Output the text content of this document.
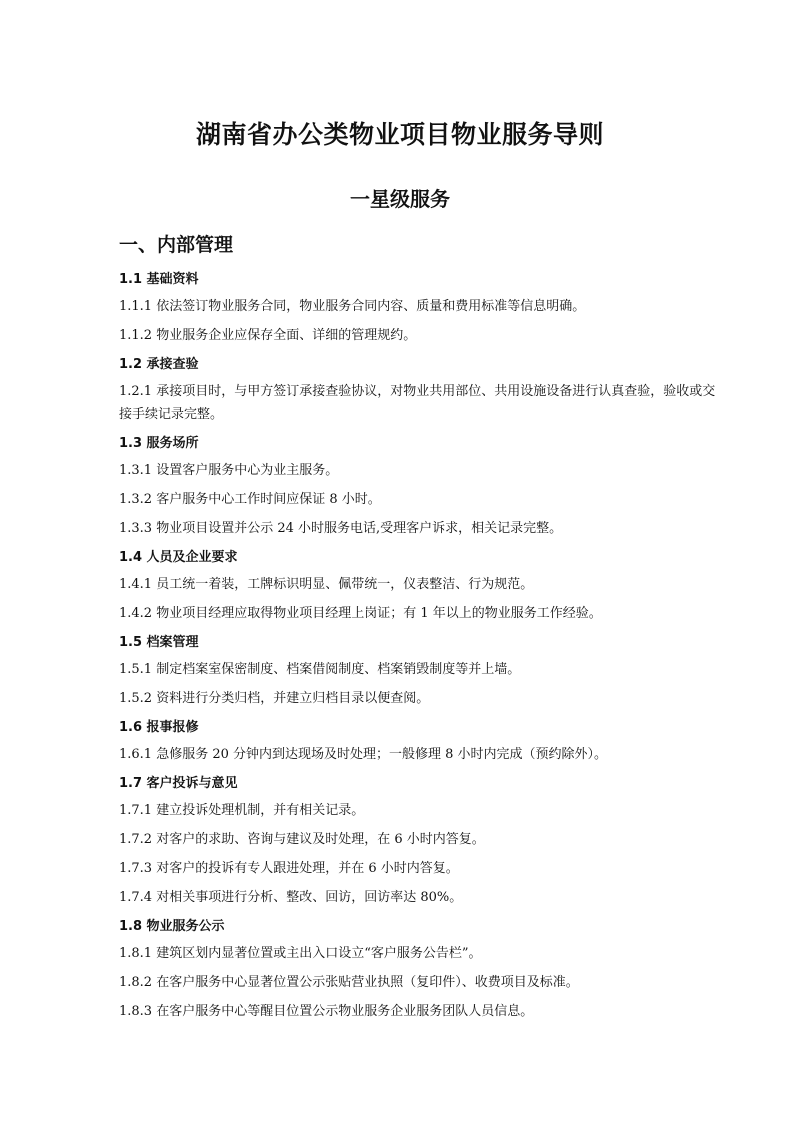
湖南省办公类物业项目物业服务导则
一星级服务
一、内部管理
1.1 基础资料

1.1.1 依法签订物业服务合同，物业服务合同内容、质量和费用标准等信息明确。

1.1.2 物业服务企业应保存全面、详细的管理规约。

1.2 承接查验

1.2.1 承接项目时，与甲方签订承接查验协议，对物业共用部位、共用设施设备进行认真查验，验收或交接手续记录完整。

1.3 服务场所

1.3.1 设置客户服务中心为业主服务。

1.3.2 客户服务中心工作时间应保证 8 小时。

1.3.3 物业项目设置并公示 24 小时服务电话,受理客户诉求，相关记录完整。

1.4 人员及企业要求

1.4.1 员工统一着装，工牌标识明显、佩带统一，仪表整洁、行为规范。

1.4.2 物业项目经理应取得物业项目经理上岗证；有 1 年以上的物业服务工作经验。

1.5 档案管理

1.5.1 制定档案室保密制度、档案借阅制度、档案销毁制度等并上墙。

1.5.2 资料进行分类归档，并建立归档目录以便查阅。

1.6 报事报修

1.6.1 急修服务 20 分钟内到达现场及时处理；一般修理 8 小时内完成（预约除外）。

1.7 客户投诉与意见

1.7.1 建立投诉处理机制，并有相关记录。

1.7.2 对客户的求助、咨询与建议及时处理，在 6 小时内答复。

1.7.3 对客户的投诉有专人跟进处理，并在 6 小时内答复。

1.7.4 对相关事项进行分析、整改、回访，回访率达 80%。

1.8 物业服务公示

1.8.1 建筑区划内显著位置或主出入口设立“客户服务公告栏”。

1.8.2 在客户服务中心显著位置公示张贴营业执照（复印件）、收费项目及标准。

1.8.3 在客户服务中心等醒目位置公示物业服务企业服务团队人员信息。
